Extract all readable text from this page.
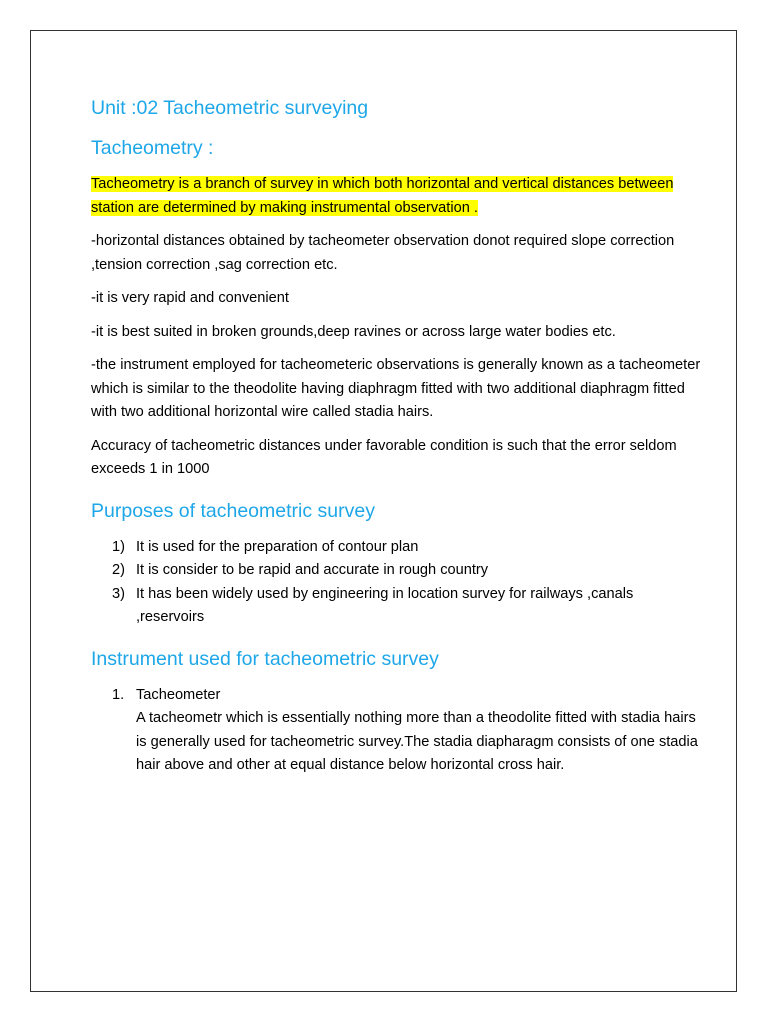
Unit :02 Tacheometric surveying
Tacheometry :

Tacheometry is a branch of survey in which both horizontal and vertical distances between station are determined by making instrumental observation .

-horizontal distances obtained by tacheometer observation donot required slope correction ,tension correction ,sag correction etc.

-it is very rapid and convenient

-it is best suited in broken grounds,deep ravines or across large water bodies etc.

-the instrument employed for tacheometeric observations is generally known as a tacheometer which is similar to the theodolite having diaphragm fitted with two additional diaphragm fitted with two additional horizontal wire called stadia hairs.

Accuracy of tacheometric distances under favorable condition is such that the error seldom exceeds 1 in 1000

Purposes of tacheometric survey
1) It is used for the preparation of contour plan
2) It is consider to be rapid and accurate in rough country
3) It has been widely used by engineering in location survey for railways ,canals ,reservoirs
Instrument used for tacheometric survey
1. Tacheometer
A tacheometr which is essentially nothing more than a theodolite fitted with stadia hairs is generally used for tacheometric survey.The stadia diapharagm consists of one stadia hair above and other at equal distance below horizontal cross hair.
